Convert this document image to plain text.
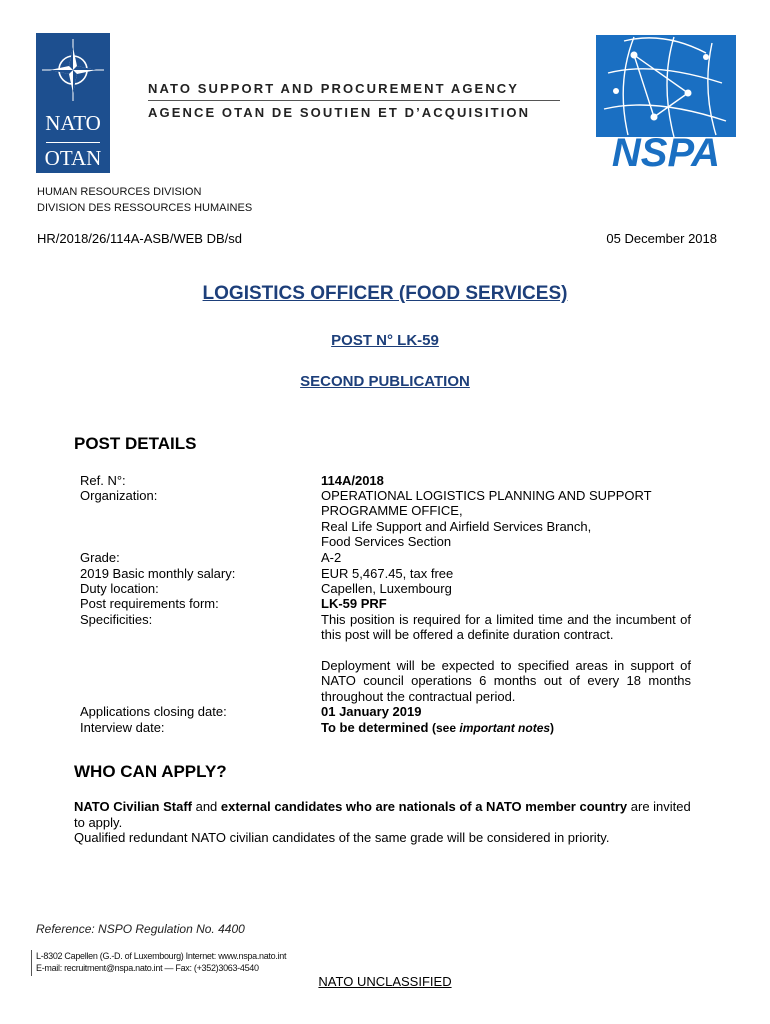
NATO
OTAN
NATO SUPPORT AND PROCUREMENT AGENCY
AGENCE OTAN DE SOUTIEN ET D’ACQUISITION
NSPA
HUMAN RESOURCES DIVISION
DIVISION DES RESSOURCES HUMAINES
HR/2018/26/114A-ASB/WEB DB/sd	05 December 2018
LOGISTICS OFFICER (FOOD SERVICES)
POST N° LK-59
SECOND PUBLICATION
POST DETAILS
Ref. N°:	114A/2018
Organization:	OPERATIONAL LOGISTICS PLANNING AND SUPPORT
PROGRAMME OFFICE,
Real Life Support and Airfield Services Branch,
Food Services Section
Grade:	A-2
2019 Basic monthly salary:	EUR 5,467.45, tax free
Duty location:	Capellen, Luxembourg
Post requirements form:	LK-59 PRF
Specificities:	This position is required for a limited time and the incumbent of this post will be offered a definite duration contract.
Deployment will be expected to specified areas in support of NATO council operations 6 months out of every 18 months throughout the contractual period.
Applications closing date:	01 January 2019
Interview date:	To be determined (see important notes)
WHO CAN APPLY?
NATO Civilian Staff and external candidates who are nationals of a NATO member country are invited to apply.
Qualified redundant NATO civilian candidates of the same grade will be considered in priority.
Reference: NSPO Regulation No. 4400
L-8302 Capellen (G.-D. of Luxembourg) Internet: www.nspa.nato.int
E-mail: recruitment@nspa.nato.int — Fax: (+352)3063-4540
NATO UNCLASSIFIED
